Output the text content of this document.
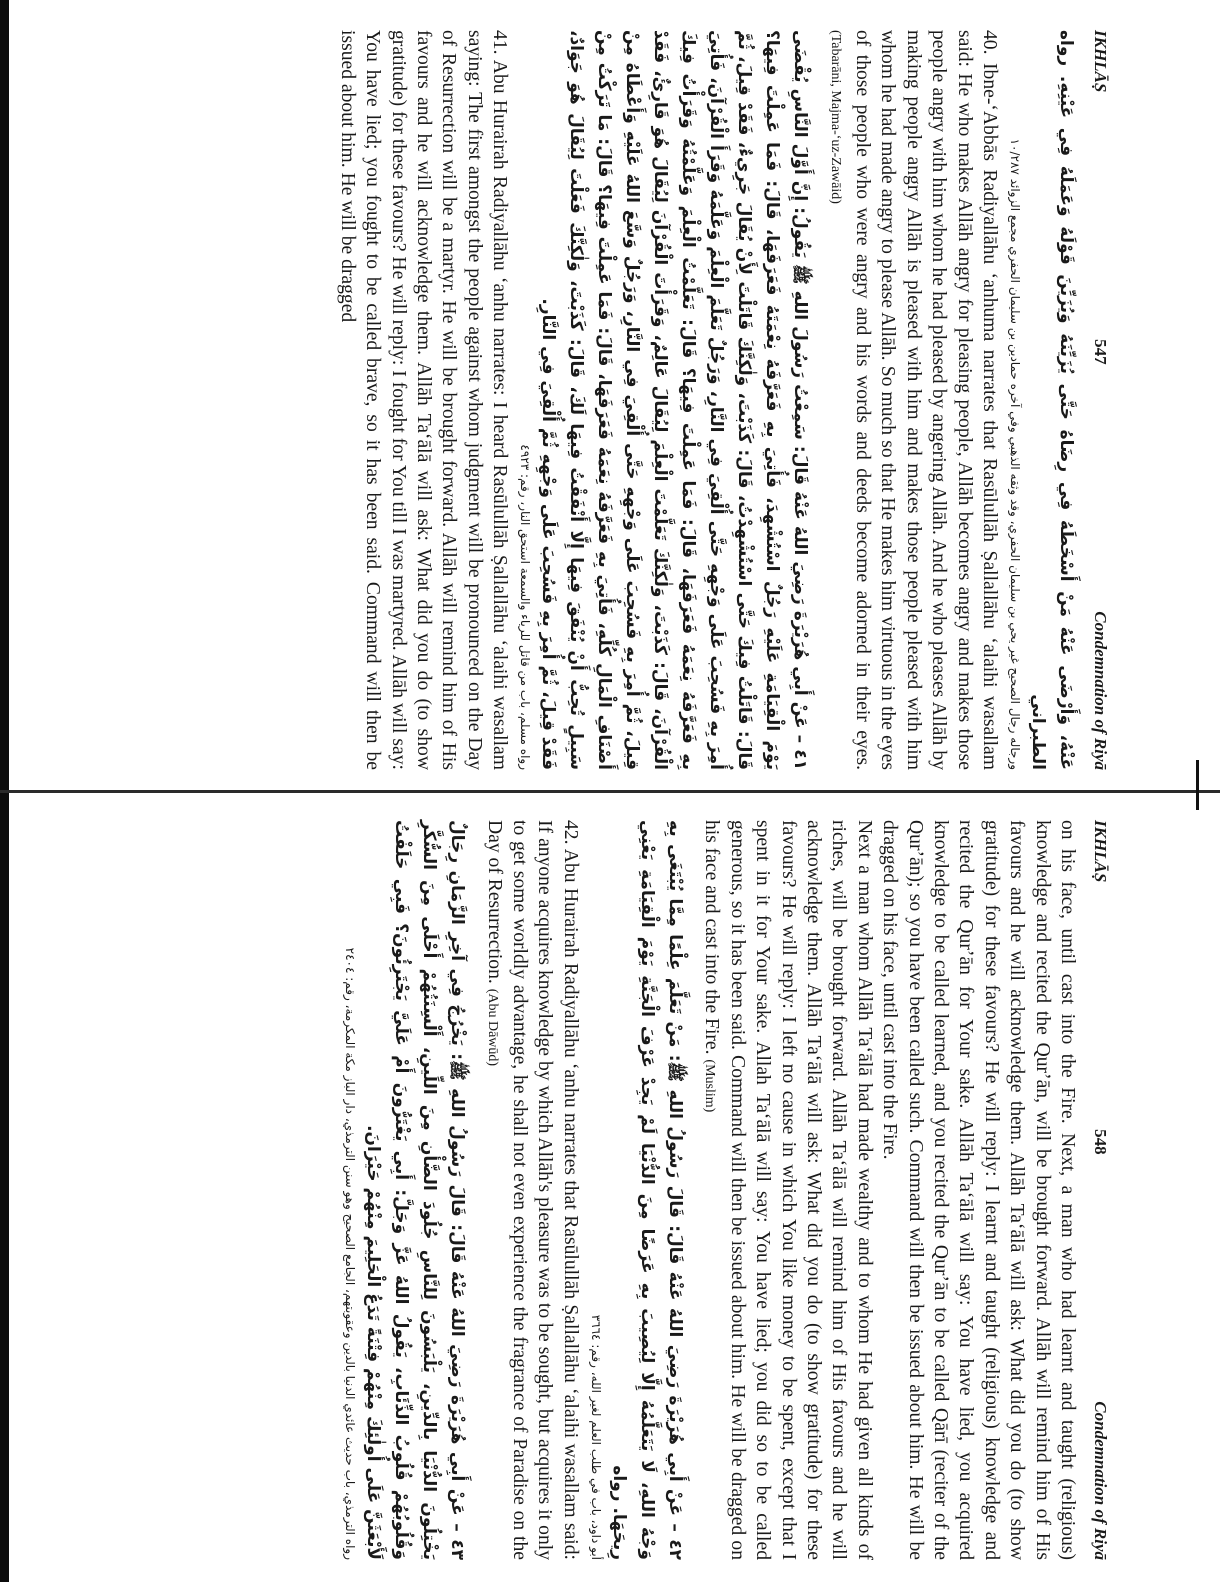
IKHLĀṢ
547
Condemnation of Riyā

عَنْهُ، وَأَرْضَى عَنْهُ مَنْ أَسْخَطَهُ فِي رِضَاهُ حَتَّى يُزَيِّنَهُ وَيُزَيِّنَ قَوْلَهُ وَعَمَلَهُ فِي عَيْنِهِ. رواه الطبراني

ورجاله رجال الصحيح غير يحي بن سليمان الحفري، وقد وثقه الذهبي وفي آخره حمادين بن سليمان الحفري مجمع الزوائد ١٠/٢٨٧

40. Ibne-ʻAbbās Radiyallāhu ʻanhuma narrates that Rasūlullāh Ṣallallāhu ʻalaihi wasallam said: He who makes Allāh angry for pleasing people, Allāh becomes angry and makes those people angry with him whom he had pleased by angering Allāh. And he who pleases Allāh by making people angry Allāh is pleased with him and makes those people pleased with him whom he had made angry to please Allāh. So much so that He makes him virtuous in the eyes of those people who were angry and his words and deeds become adorned in their eyes. (Tabarāni, Majma-ʻuz-Zawāid)

٤١ – عَنْ أَبِي هُرَيْرَةَ رَضِيَ اللهُ عَنْهُ قَالَ: سَمِعْتُ رَسُولَ اللهِ ﷺ يَقُولُ: إِنَّ أَوَّلَ النَّاسِ يُقْضَى يَوْمَ الْقِيَامَةِ عَلَيْهِ رَجُلٌ اسْتُشْهِدَ، فَأُتِيَ بِهِ فَعَرَّفَهُ نِعْمَتَهُ فَعَرَفَهَا، قَالَ: فَمَا عَمِلْتَ فِيهَا؟ قَالَ: قَاتَلْتُ فِيكَ حَتَّى اسْتُشْهِدْتُ، قَالَ: كَذَبْتَ، وَلٰكِنَّكَ قَاتَلْتَ لِأَنْ يُقَالَ جَرِيءٌ، فَقَدْ قِيلَ، ثُمَّ أُمِرَ بِهِ فَسُحِبَ عَلَى وَجْهِهِ حَتَّى أُلْقِيَ فِي النَّارِ، وَرَجُلٌ تَعَلَّمَ الْعِلْمَ وَعَلَّمَهُ وَقَرَأَ الْقُرْآنَ، فَأُتِيَ بِهِ فَعَرَّفَهُ نِعَمَهُ فَعَرَفَهَا، قَالَ: فَمَا عَمِلْتَ فِيهَا؟ قَالَ: تَعَلَّمْتُ الْعِلْمَ وَعَلَّمْتُهُ وَقَرَأْتُ فِيكَ الْقُرْآنَ، قَالَ: كَذَبْتَ، وَلٰكِنَّكَ تَعَلَّمْتَ الْعِلْمَ لِيُقَالَ عَالِمٌ، وَقَرَأْتَ الْقُرْآنَ لِيُقَالَ هُوَ قَارِئٌ، فَقَدْ قِيلَ، ثُمَّ أُمِرَ بِهِ فَسُحِبَ عَلَى وَجْهِهِ حَتَّى أُلْقِيَ فِي النَّارِ، وَرَجُلٌ وَسَّعَ اللهُ عَلَيْهِ وَأَعْطَاهُ مِنْ أَصْنَافِ الْمَالِ كُلِّهِ، فَأُتِيَ بِهِ فَعَرَّفَهُ نِعَمَهُ فَعَرَفَهَا، قَالَ: فَمَا عَمِلْتَ فِيهَا؟ قَالَ: مَا تَرَكْتُ مِنْ سَبِيلٍ تُحِبُّ أَنْ يُنْفَقَ فِيهَا إِلَّا أَنْفَقْتُ فِيهَا لَكَ، قَالَ: كَذَبْتَ، وَلٰكِنَّكَ فَعَلْتَ لِيُقَالَ هُوَ جَوَادٌ، فَقَدْ قِيلَ، ثُمَّ أُمِرَ بِهِ فَسُحِبَ عَلَى وَجْهِهِ ثُمَّ أُلْقِيَ فِي النَّارِ.

رواه مسلم، باب من قاتل للرياء والسمعة استحق النار، رقم: ٤٩٢٣

41. Abu Hurairah Radiyallāhu ʻanhu narrates: I heard Rasūlullāh Ṣallallāhu ʻalaihi wasallam saying: The first amongst the people against whom judgment will be pronounced on the Day of Resurrection will be a martyr. He will be brought forward. Allāh will remind him of His favours and he will acknowledge them. Allāh Taʻālā will ask: What did you do (to show gratitude) for these favours? He will reply: I fought for You till I was martyred. Allāh will say: You have lied; you fought to be called brave, so it has been said. Command will then be issued about him. He will be dragged

IKHLĀṢ
548
Condemnation of Riyā

on his face, until cast into the Fire. Next, a man who had learnt and taught (religious) knowledge and recited the Qurʼān, will be brought forward. Allāh will remind him of His favours and he will acknowledge them. Allāh Taʻālā will ask: What did you do (to show gratitude) for these favours? He will reply: I learnt and taught (religious) knowledge and recited the Qurʼān for Your sake. Allāh Taʻālā will say: You have lied, you acquired knowledge to be called learned, and you recited the Qurʼān to be called Qārī (reciter of the Qurʼān); so you have been called such. Command will then be issued about him. He will be dragged on his face, until cast into the Fire.

Next a man whom Allāh Taʻālā had made wealthy and to whom He had given all kinds of riches, will be brought forward. Allāh Taʻālā will remind him of His favours and he will acknowledge them. Allāh Taʻālā will ask: What did you do (to show gratitude) for these favours? He will reply: I left no cause in which You like money to be spent, except that I spent in it for Your sake. Allah Taʻālā will say: You have lied; you did so to be called generous, so it has been said. Command will then be issued about him. He will be dragged on his face and cast into the Fire. (Muslim)

٤٢ – عَنْ أَبِي هُرَيْرَةَ رَضِيَ اللهُ عَنْهُ قَالَ: قَالَ رَسُولُ اللهِ ﷺ: مَنْ تَعَلَّمَ عِلْمًا مِمَّا يُبْتَغَى بِهِ وَجْهُ اللهِ، لَا يَتَعَلَّمُهُ إِلَّا لِيُصِيبَ بِهِ عَرَضًا مِنَ الدُّنْيَا لَمْ يَجِدْ عَرْفَ الْجَنَّةِ يَوْمَ الْقِيَامَةِ يَعْنِي رِيحَهَا. رواه

أبو داود، باب في طلب العلم لغير الله، رقم: ٣٦٦٤

42. Abu Hurairah Radiyallāhu ʻanhu narrates that Rasūlullāh Ṣallallāhu ʻalaihi wasallam said: If anyone acquires knowledge by which Allāh's pleasure was to be sought, but acquires it only to get some worldly advantage, he shall not even experience the fragrance of Paradise on the Day of Resurrection. (Abu Dāwūd)

٤٣ – عَنْ أَبِي هُرَيْرَةَ رَضِيَ اللهُ عَنْهُ قَالَ: قَالَ رَسُولُ اللهِ ﷺ: يَخْرُجُ فِي آخِرِ الزَّمَانِ رِجَالٌ يَخْتِلُونَ الدُّنْيَا بِالدِّينِ، يَلْبَسُونَ لِلنَّاسِ جُلُودَ الضَّأْنِ مِنَ اللِّينِ، أَلْسِنَتُهُمْ أَحْلَى مِنَ السُّكَّرِ وَقُلُوبُهُمْ قُلُوبُ الذِّئَابِ، يَقُولُ اللهُ عَزَّ وَجَلَّ: أَبِي يَغْتَرُّونَ أَمْ عَلَيَّ يَجْتَرِئُونَ؟ فَبِي حَلَفْتُ لَأَبْعَثَنَّ عَلَى أُولٰئِكَ مِنْهُمْ فِتْنَةً تَدَعُ الْحَلِيمَ مِنْهُمْ حَيْرَانَ.

رواه الترمذي، باب حديث عائدي الدنيا بالدين وعقوبتهم، الجامع الصحيح وهو سنن الترمذي، دار الباز مكة المكرمة، رقم: ٢٤٠٤
